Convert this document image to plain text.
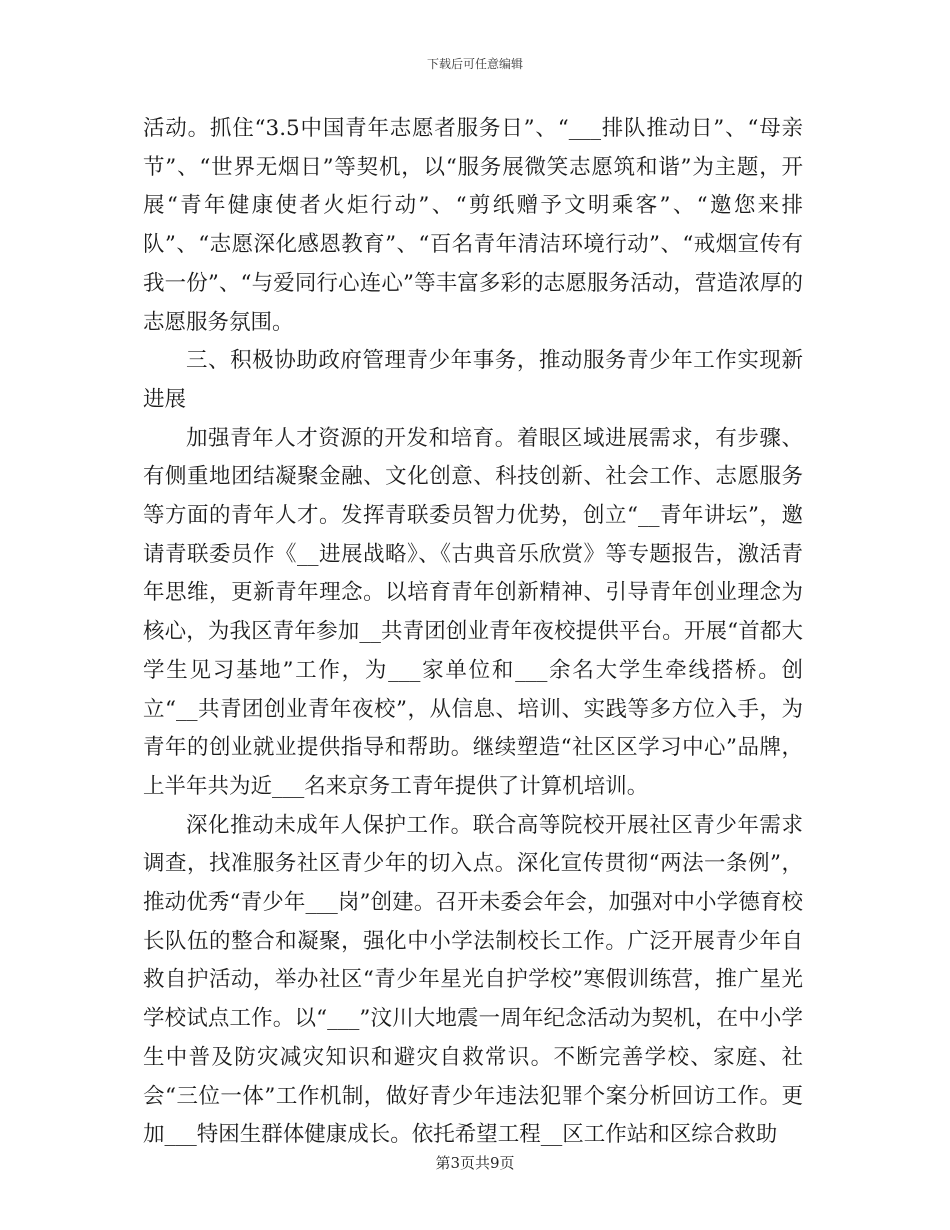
下载后可任意编辑

活动。抓住“3.5中国青年志愿者服务日”、“___排队推动日”、“母亲节”、“世界无烟日”等契机，以“服务展微笑志愿筑和谐”为主题，开展“青年健康使者火炬行动”、“剪纸赠予文明乘客”、“邀您来排队”、“志愿深化感恩教育”、“百名青年清洁环境行动”、“戒烟宣传有我一份”、“与爱同行心连心”等丰富多彩的志愿服务活动，营造浓厚的志愿服务氛围。

三、积极协助政府管理青少年事务，推动服务青少年工作实现新进展

加强青年人才资源的开发和培育。着眼区域进展需求，有步骤、有侧重地团结凝聚金融、文化创意、科技创新、社会工作、志愿服务等方面的青年人才。发挥青联委员智力优势，创立“__青年讲坛”，邀请青联委员作《__进展战略》、《古典音乐欣赏》等专题报告，激活青年思维，更新青年理念。以培育青年创新精神、引导青年创业理念为核心，为我区青年参加__共青团创业青年夜校提供平台。开展“首都大学生见习基地”工作，为___家单位和___余名大学生牵线搭桥。创立“__共青团创业青年夜校”，从信息、培训、实践等多方位入手，为青年的创业就业提供指导和帮助。继续塑造“社区区学习中心”品牌，上半年共为近___名来京务工青年提供了计算机培训。

深化推动未成年人保护工作。联合高等院校开展社区青少年需求调查，找准服务社区青少年的切入点。深化宣传贯彻“两法一条例”，推动优秀“青少年___岗”创建。召开未委会年会，加强对中小学德育校长队伍的整合和凝聚，强化中小学法制校长工作。广泛开展青少年自救自护活动，举办社区“青少年星光自护学校”寒假训练营，推广星光学校试点工作。以“___”汶川大地震一周年纪念活动为契机，在中小学生中普及防灾减灾知识和避灾自救常识。不断完善学校、家庭、社会“三位一体”工作机制，做好青少年违法犯罪个案分析回访工作。更加___特困生群体健康成长。依托希望工程__区工作站和区综合救助

第3页共9页
